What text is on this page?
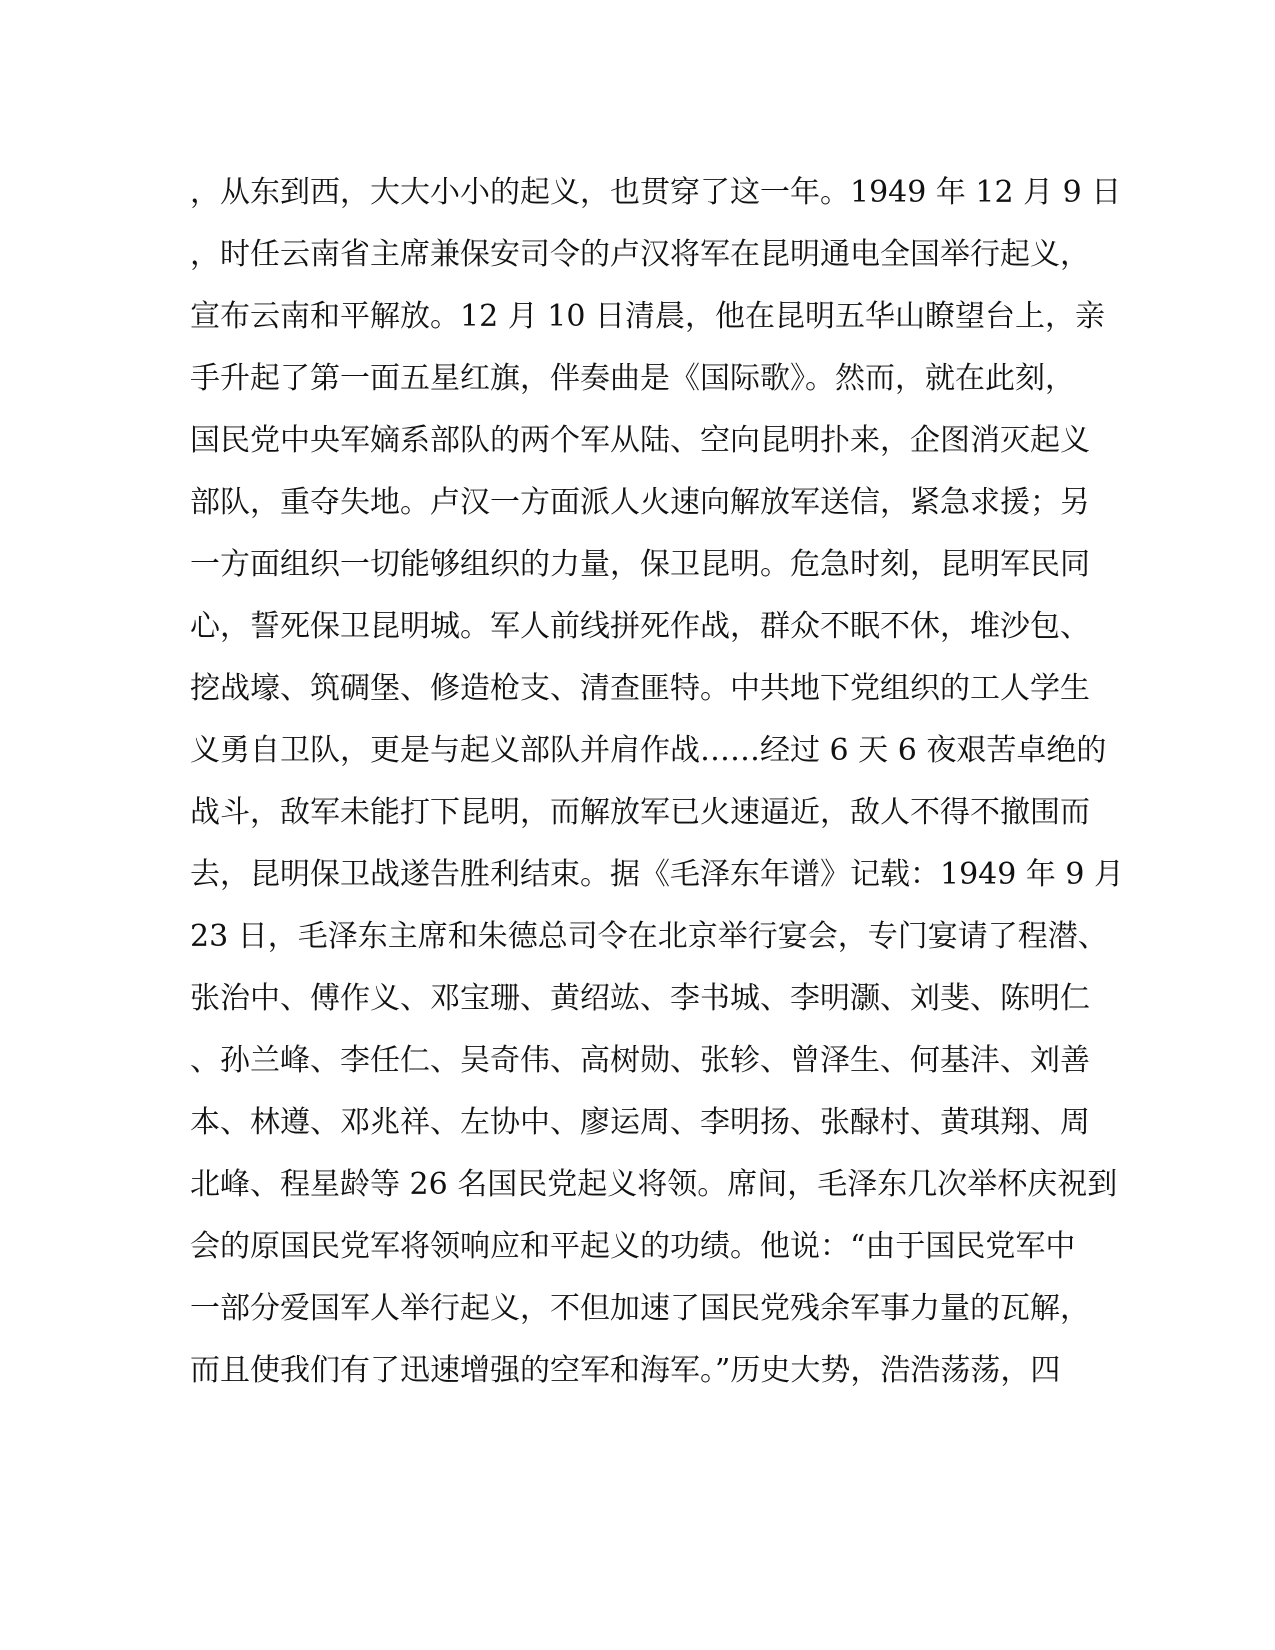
，从东到西，大大小小的起义，也贯穿了这一年。1949 年 12 月 9 日
，时任云南省主席兼保安司令的卢汉将军在昆明通电全国举行起义，
宣布云南和平解放。12 月 10 日清晨，他在昆明五华山瞭望台上，亲
手升起了第一面五星红旗，伴奏曲是《国际歌》。然而，就在此刻，
国民党中央军嫡系部队的两个军从陆、空向昆明扑来，企图消灭起义
部队，重夺失地。卢汉一方面派人火速向解放军送信，紧急求援；另
一方面组织一切能够组织的力量，保卫昆明。危急时刻，昆明军民同
心，誓死保卫昆明城。军人前线拼死作战，群众不眠不休，堆沙包、
挖战壕、筑碉堡、修造枪支、清查匪特。中共地下党组织的工人学生
义勇自卫队，更是与起义部队并肩作战……经过 6 天 6 夜艰苦卓绝的
战斗，敌军未能打下昆明，而解放军已火速逼近，敌人不得不撤围而
去，昆明保卫战遂告胜利结束。据《毛泽东年谱》记载：1949 年 9 月
23 日，毛泽东主席和朱德总司令在北京举行宴会，专门宴请了程潜、
张治中、傅作义、邓宝珊、黄绍竑、李书城、李明灏、刘斐、陈明仁
、孙兰峰、李任仁、吴奇伟、高树勋、张轸、曾泽生、何基沣、刘善
本、林遵、邓兆祥、左协中、廖运周、李明扬、张醁村、黄琪翔、周
北峰、程星龄等 26 名国民党起义将领。席间，毛泽东几次举杯庆祝到
会的原国民党军将领响应和平起义的功绩。他说：“由于国民党军中
一部分爱国军人举行起义，不但加速了国民党残余军事力量的瓦解，
而且使我们有了迅速增强的空军和海军。”历史大势，浩浩荡荡，四
